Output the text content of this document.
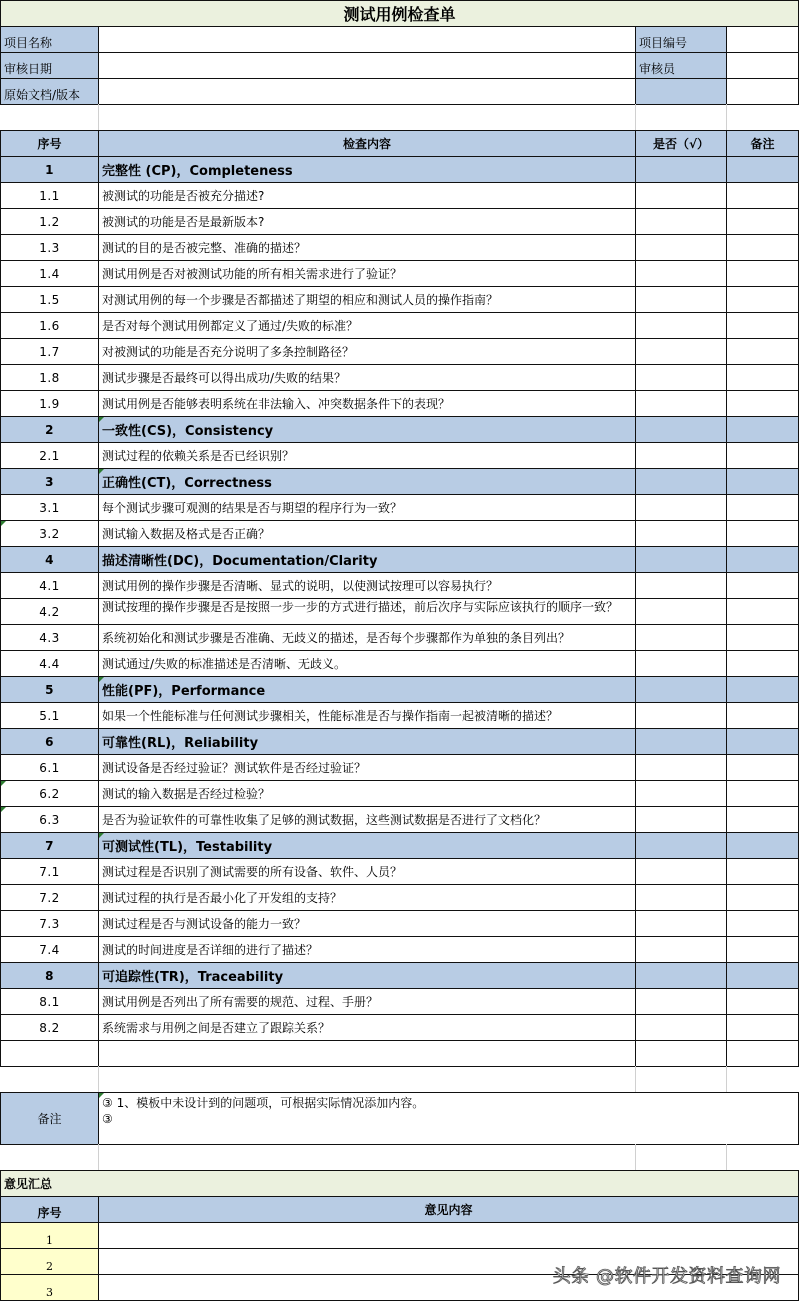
测试用例检查单
项目名称	项目编号
审核日期	审核员
原始文档/版本
序号	检查内容	是否（√）	备注
1	完整性 (CP)，Completeness
1.1	被测试的功能是否被充分描述?
1.2	被测试的功能是否是最新版本?
1.3	测试的目的是否被完整、准确的描述？
1.4	测试用例是否对被测试功能的所有相关需求进行了验证？
1.5	对测试用例的每一个步骤是否都描述了期望的相应和测试人员的操作指南？
1.6	是否对每个测试用例都定义了通过/失败的标准？
1.7	对被测试的功能是否充分说明了多条控制路径？
1.8	测试步骤是否最终可以得出成功/失败的结果？
1.9	测试用例是否能够表明系统在非法输入、冲突数据条件下的表现？
2	一致性(CS)，Consistency
2.1	测试过程的依赖关系是否已经识别？
3	正确性(CT)，Correctness
3.1	每个测试步骤可观测的结果是否与期望的程序行为一致？
3.2	测试输入数据及格式是否正确？
4	描述清晰性(DC)，Documentation/Clarity
4.1	测试用例的操作步骤是否清晰、显式的说明，以使测试按理可以容易执行？
4.2	测试按理的操作步骤是否是按照一步一步的方式进行描述，前后次序与实际应该执行的顺序一致？
4.3	系统初始化和测试步骤是否准确、无歧义的描述，是否每个步骤都作为单独的条目列出？
4.4	测试通过/失败的标准描述是否清晰、无歧义。
5	性能(PF)，Performance
5.1	如果一个性能标准与任何测试步骤相关，性能标准是否与操作指南一起被清晰的描述？
6	可靠性(RL)，Reliability
6.1	测试设备是否经过验证？测试软件是否经过验证？
6.2	测试的输入数据是否经过检验？
6.3	是否为验证软件的可靠性收集了足够的测试数据，这些测试数据是否进行了文档化？
7	可测试性(TL)，Testability
7.1	测试过程是否识别了测试需要的所有设备、软件、人员？
7.2	测试过程的执行是否最小化了开发组的支持？
7.3	测试过程是否与测试设备的能力一致？
7.4	测试的时间进度是否详细的进行了描述？
8	可追踪性(TR)，Traceability
8.1	测试用例是否列出了所有需要的规范、过程、手册？
8.2	系统需求与用例之间是否建立了跟踪关系？
备注
③ 1、模板中未设计到的问题项，可根据实际情况添加内容。
③
意见汇总
序号	意见内容
1
2
3
头条 @软件开发资料查询网
